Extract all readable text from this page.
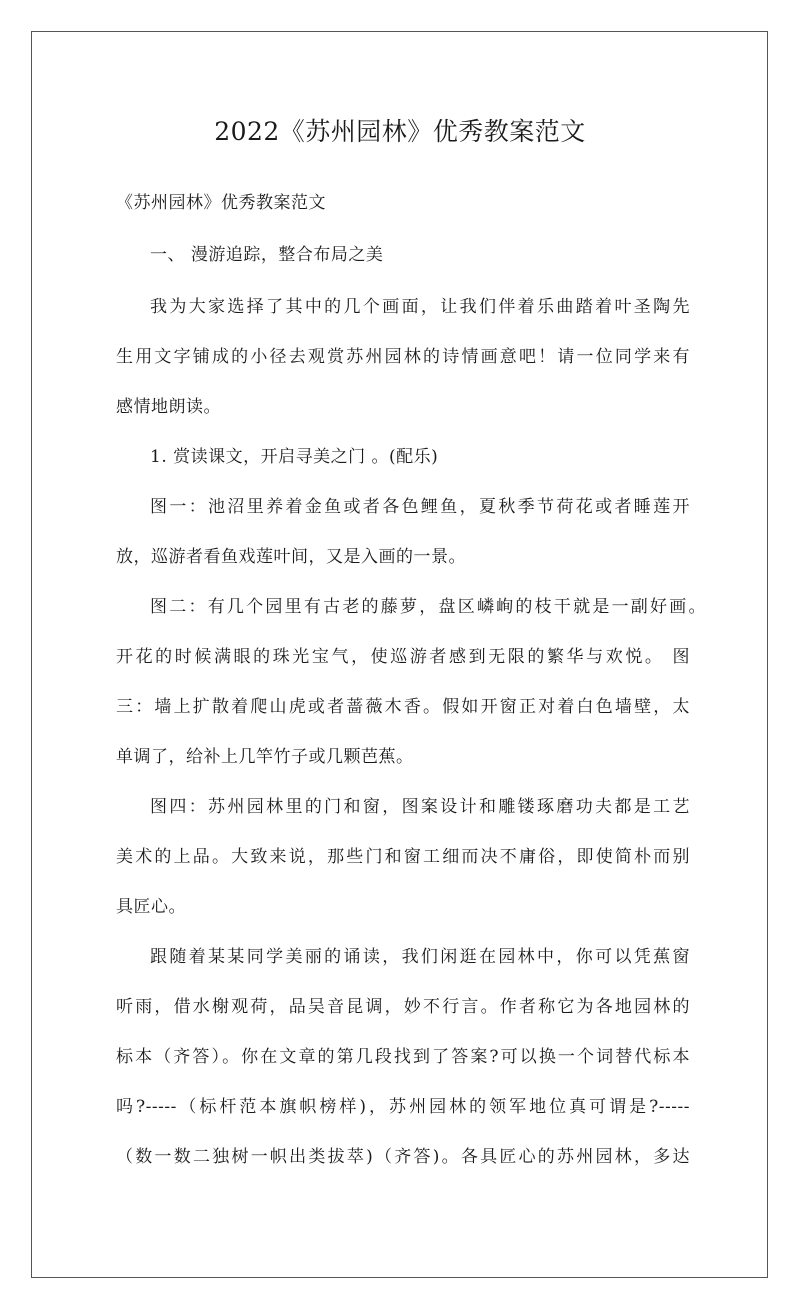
2022《苏州园林》优秀教案范文
《苏州园林》优秀教案范文
一、 漫游追踪，整合布局之美
我为大家选择了其中的几个画面，让我们伴着乐曲踏着叶圣陶先
生用文字铺成的小径去观赏苏州园林的诗情画意吧！请一位同学来有
感情地朗读。
1. 赏读课文，开启寻美之门 。(配乐)
图一：池沼里养着金鱼或者各色鲤鱼，夏秋季节荷花或者睡莲开
放，巡游者看鱼戏莲叶间，又是入画的一景。
图二：有几个园里有古老的藤萝，盘区嶙峋的枝干就是一副好画。
开花的时候满眼的珠光宝气，使巡游者感到无限的繁华与欢悦。 图
三：墙上扩散着爬山虎或者蔷薇木香。假如开窗正对着白色墙壁，太
单调了，给补上几竿竹子或几颗芭蕉。
图四：苏州园林里的门和窗，图案设计和雕镂琢磨功夫都是工艺
美术的上品。大致来说，那些门和窗工细而决不庸俗，即使简朴而别
具匠心。
跟随着某某同学美丽的诵读，我们闲逛在园林中，你可以凭蕉窗
听雨，借水榭观荷，品吴音昆调，妙不行言。作者称它为各地园林的
标本（齐答）。你在文章的第几段找到了答案?可以换一个词替代标本
吗?-----（标杆范本旗帜榜样)，苏州园林的领军地位真可谓是?-----
（数一数二独树一帜出类拔萃)（齐答)。各具匠心的苏州园林，多达
